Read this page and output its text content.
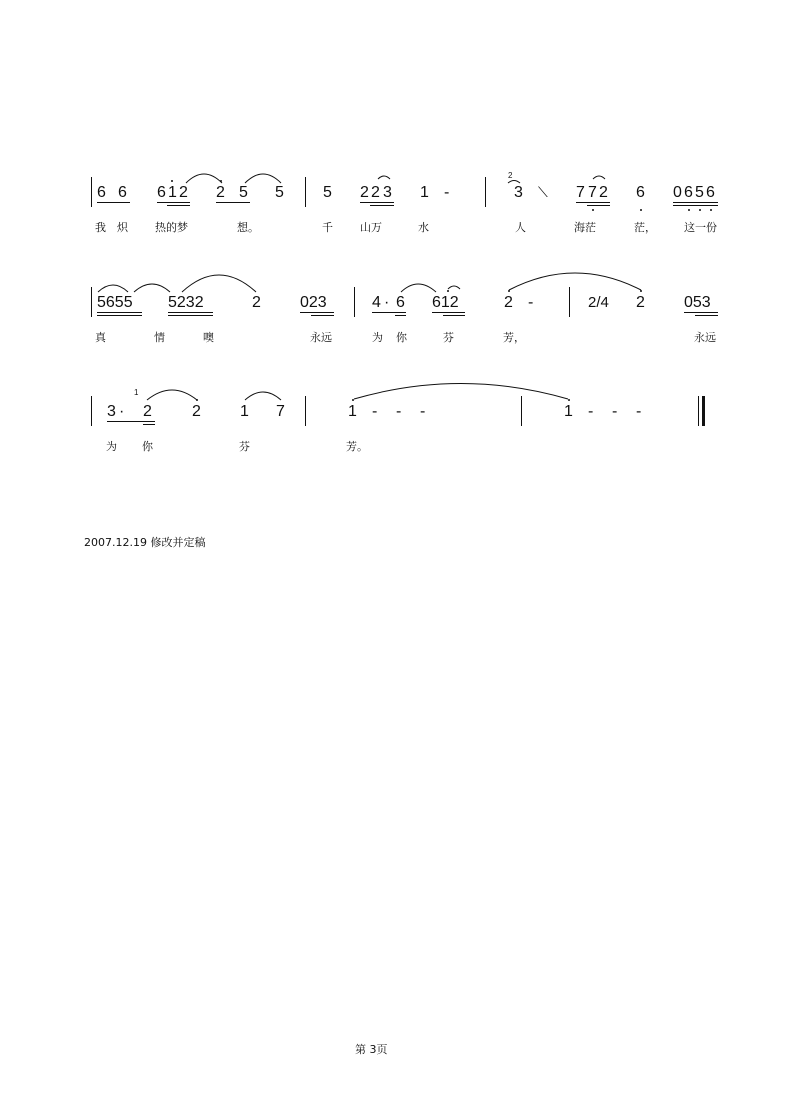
6 6 6 1 2 2 5 5 5 2 2 3 1 -
2
3 ⟍ 7 7 2 6 0 6 5 6
我 炽 热的梦	想。	千 山万	水	人	海茫	茫，	这一份
5655 5232	2 023	4 · 6 612	2 -	2/4 2 053
真	情	噢	永远	为 你	芬	芳，	永远
3 ·
1
2	2 1 7	1 - - -	1 - - -
为 你	芬	芳。
2007.12.19 修改并定稿
第 3页
